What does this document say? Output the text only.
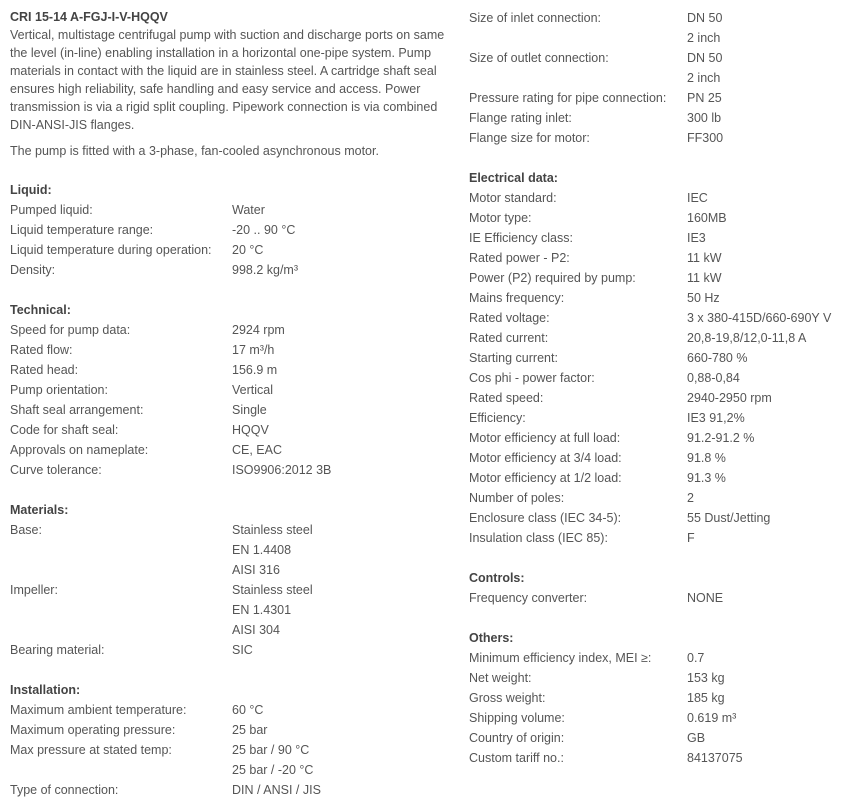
CRI 15-14 A-FGJ-I-V-HQQV
Vertical, multistage centrifugal pump with suction and discharge ports on same the level (in-line) enabling installation in a horizontal one-pipe system. Pump materials in contact with the liquid are in stainless steel. A cartridge shaft seal ensures high reliability, safe handling and easy service and access. Power transmission is via a rigid split coupling. Pipework connection is via combined DIN-ANSI-JIS flanges.
The pump is fitted with a 3-phase, fan-cooled asynchronous motor.
Liquid:
Pumped liquid:	Water
Liquid temperature range:	-20 .. 90 °C
Liquid temperature during operation:	20 °C
Density:	998.2 kg/m³
Technical:
Speed for pump data:	2924 rpm
Rated flow:	17 m³/h
Rated head:	156.9 m
Pump orientation:	Vertical
Shaft seal arrangement:	Single
Code for shaft seal:	HQQV
Approvals on nameplate:	CE, EAC
Curve tolerance:	ISO9906:2012 3B
Materials:
Base:	Stainless steel
EN 1.4408
AISI 316
Impeller:	Stainless steel
EN 1.4301
AISI 304
Bearing material:	SIC
Installation:
Maximum ambient temperature:	60 °C
Maximum operating pressure:	25 bar
Max pressure at stated temp:	25 bar / 90 °C
25 bar / -20 °C
Type of connection:	DIN / ANSI / JIS
Size of inlet connection:	DN 50
2 inch
Size of outlet connection:	DN 50
2 inch
Pressure rating for pipe connection:	PN 25
Flange rating inlet:	300 lb
Flange size for motor:	FF300
Electrical data:
Motor standard:	IEC
Motor type:	160MB
IE Efficiency class:	IE3
Rated power - P2:	11 kW
Power (P2) required by pump:	11 kW
Mains frequency:	50 Hz
Rated voltage:	3 x 380-415D/660-690Y V
Rated current:	20,8-19,8/12,0-11,8 A
Starting current:	660-780 %
Cos phi - power factor:	0,88-0,84
Rated speed:	2940-2950 rpm
Efficiency:	IE3 91,2%
Motor efficiency at full load:	91.2-91.2 %
Motor efficiency at 3/4 load:	91.8 %
Motor efficiency at 1/2 load:	91.3 %
Number of poles:	2
Enclosure class (IEC 34-5):	55 Dust/Jetting
Insulation class (IEC 85):	F
Controls:
Frequency converter:	NONE
Others:
Minimum efficiency index, MEI ≥:	0.7
Net weight:	153 kg
Gross weight:	185 kg
Shipping volume:	0.619 m³
Country of origin:	GB
Custom tariff no.:	84137075
